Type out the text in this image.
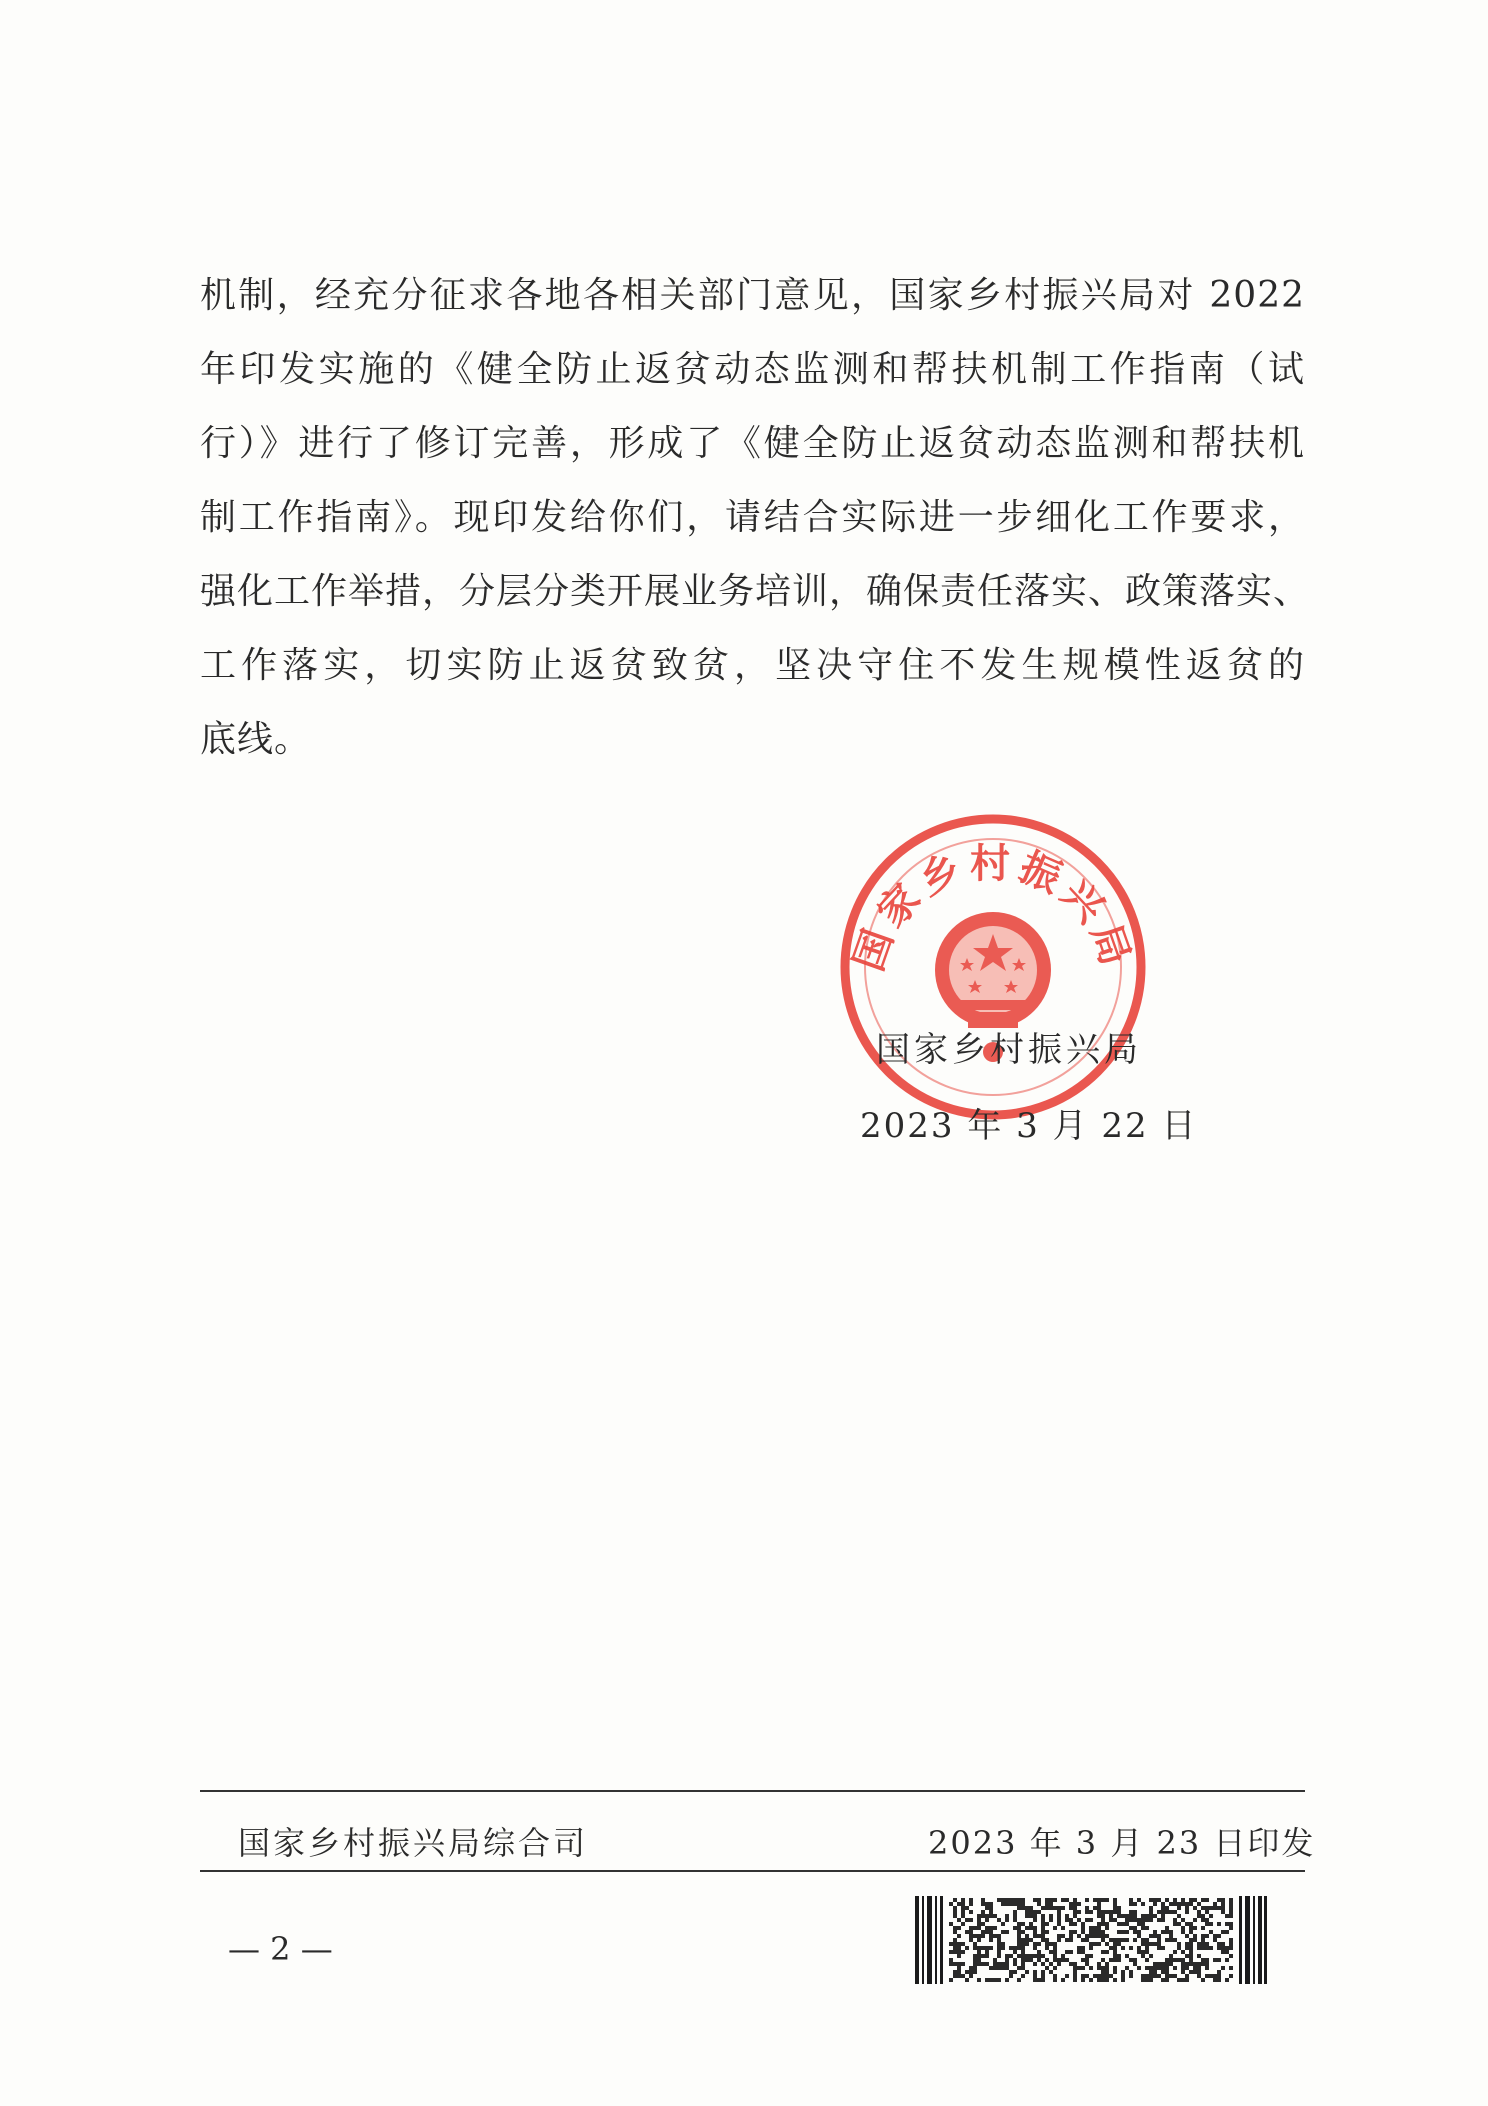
机制，经充分征求各地各相关部门意见，国家乡村振兴局对 2022
年印发实施的《健全防止返贫动态监测和帮扶机制工作指南（试
行）》进行了修订完善，形成了《健全防止返贫动态监测和帮扶机
制工作指南》。现印发给你们，请结合实际进一步细化工作要求，
强化工作举措，分层分类开展业务培训，确保责任落实、政策落实、
工作落实，切实防止返贫致贫，坚决守住不发生规模性返贫的
底线。
国家乡村振兴局
国家乡村振兴局
2023 年 3 月 22 日
国家乡村振兴局综合司	2023 年 3 月 23 日印发
— 2 —
